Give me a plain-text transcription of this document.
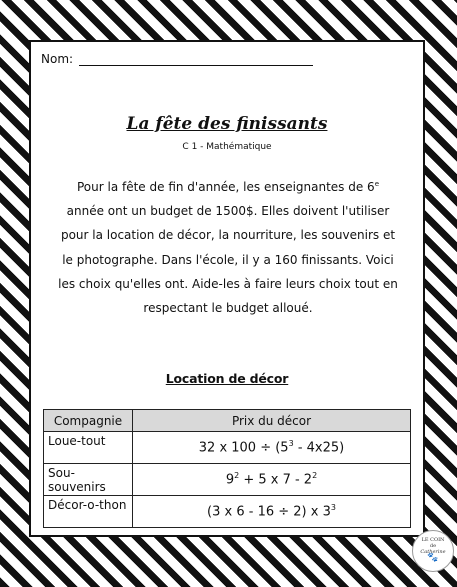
Nom:
La fête des finissants
C 1 - Mathématique
Pour la fête de fin d'année, les enseignantes de 6e année ont un budget de 1500$. Elles doivent l'utiliser pour la location de décor, la nourriture, les souvenirs et le photographe. Dans l'école, il y a 160 finissants. Voici les choix qu'elles ont. Aide-les à faire leurs choix tout en respectant le budget alloué.
Location de décor
Compagnie	Prix du décor
Loue-tout	32 x $100 \div (5^3 - 4x25)$
Sou-souvenirs	$9^2 + 5$ x $7 - 2^2$
Décor-o-thon	(3 x 6 - 16 ÷ 2) x $3^3$
LE COIN
de
Catherine
🐾
